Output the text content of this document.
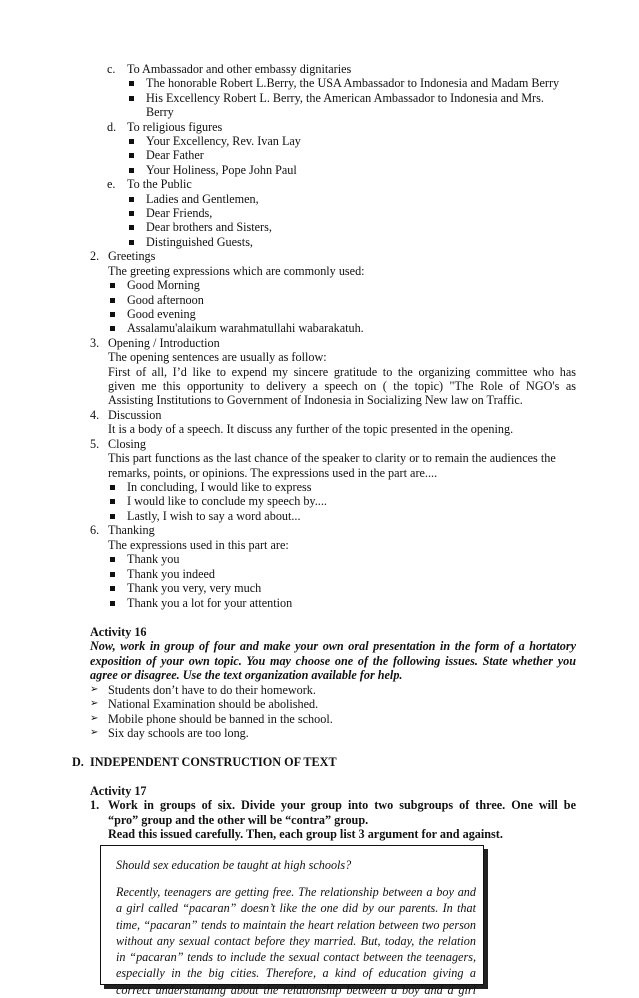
c. To Ambassador and other embassy dignitaries
The honorable Robert L.Berry, the USA Ambassador to Indonesia and Madam Berry
His Excellency Robert L. Berry, the American Ambassador to Indonesia and Mrs.
Berry
d. To religious figures
Your Excellency, Rev. Ivan Lay
Dear Father
Your Holiness, Pope John Paul
e. To the Public
Ladies and Gentlemen,
Dear Friends,
Dear brothers and Sisters,
Distinguished Guests,
2. Greetings
The greeting expressions which are commonly used:
Good Morning
Good afternoon
Good evening
Assalamu'alaikum warahmatullahi wabarakatuh.
3. Opening / Introduction
The opening sentences are usually as follow:
First of all, I’d like to expend my sincere gratitude to the organizing committee who has
given me this opportunity to delivery a speech on ( the topic) "The Role of NGO's as
Assisting Institutions to Government of Indonesia in Socializing New law on Traffic.
4. Discussion
It is a body of a speech. It discuss any further of the topic presented in the opening.
5. Closing
This part functions as the last chance of the speaker to clarity or to remain the audiences the
remarks, points, or opinions. The expressions used in the part are....
In concluding, I would like to express
I would like to conclude my speech by....
Lastly, I wish to say a word about...
6. Thanking
The expressions used in this part are:
Thank you
Thank you indeed
Thank you very, very much
Thank you a lot for your attention
Activity 16
Now, work in group of four and make your own oral presentation in the form of a hortatory
exposition of your own topic. You may choose one of the following issues. State whether you
agree or disagree. Use the text organization available for help.
➢ Students don’t have to do their homework.
➢ National Examination should be abolished.
➢ Mobile phone should be banned in the school.
➢ Six day schools are too long.
D. INDEPENDENT CONSTRUCTION OF TEXT
Activity 17
1. Work in groups of six. Divide your group into two subgroups of three. One will be
“pro” group and the other will be “contra” group.
Read this issued carefully. Then, each group list 3 argument for and against.
Should sex education be taught at high schools?
Recently, teenagers are getting free. The relationship between a boy and
a girl called “pacaran” doesn’t like the one did by our parents. In that
time, “pacaran” tends to maintain the heart relation between two person
without any sexual contact before they married. But, today, the relation
in “pacaran” tends to include the sexual contact between the teenagers,
especially in the big cities. Therefore, a kind of education giving a
correct understanding about the relationship between a boy and a girl
